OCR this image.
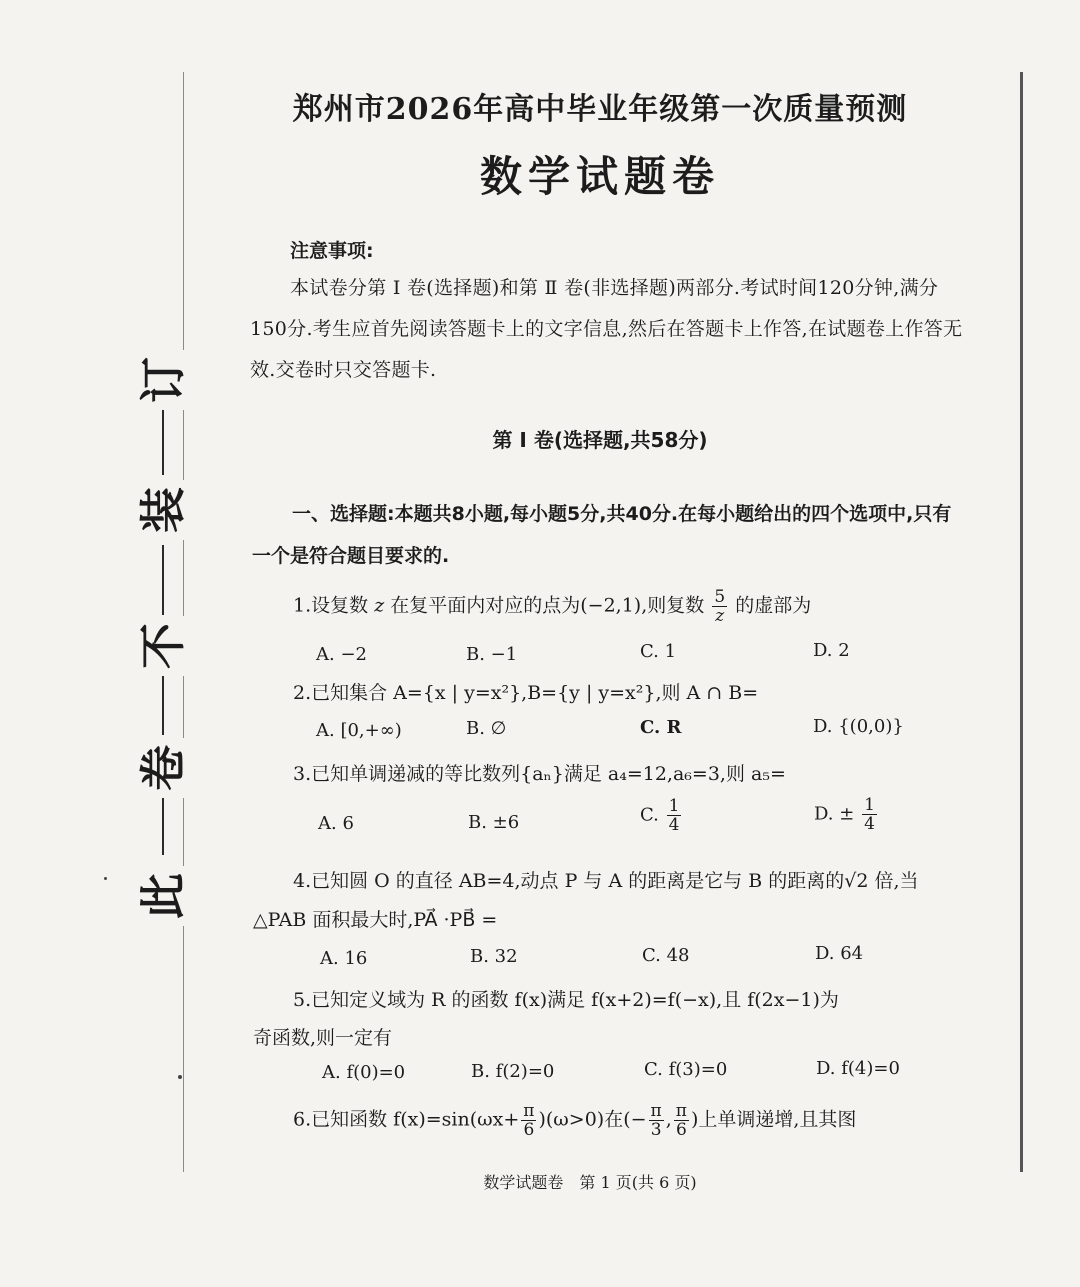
订
装
不
卷
此
郑州市2026年高中毕业年级第一次质量预测
数学试题卷
注意事项:
本试卷分第 Ⅰ 卷(选择题)和第 Ⅱ 卷(非选择题)两部分.考试时间120分钟,满分150分.考生应首先阅读答题卡上的文字信息,然后在答题卡上作答,在试题卷上作答无效.交卷时只交答题卡.
第 Ⅰ 卷(选择题,共58分)
一、选择题:本题共8小题,每小题5分,共40分.在每小题给出的四个选项中,只有一个是符合题目要求的.
1.设复数 z 在复平面内对应的点为(−2,1),则复数 $\frac{5}{z}$ 的虚部为
A. −2	B. −1	C. 1	D. 2
2.已知集合 A={x | y=x²},B={y | y=x²},则 A ∩ B=
A. [0,+∞)	B. ∅	C. R	D. {(0,0)}
3.已知单调递减的等比数列{aₙ}满足 a₄=12,a₆=3,则 a₅=
A. 6	B. ±6	C. $\frac{1}{4}$	D. ± $\frac{1}{4}$
4.已知圆 O 的直径 AB=4,动点 P 与 A 的距离是它与 B 的距离的√2 倍,当
△PAB 面积最大时,PA⃗ ·PB⃗ =
A. 16	B. 32	C. 48	D. 64
5.已知定义域为 R 的函数 f(x)满足 f(x+2)=f(−x),且 f(2x−1)为
奇函数,则一定有
A. f(0)=0	B. f(2)=0	C. f(3)=0	D. f(4)=0
6.已知函数 $f(x)=\sin(\omega x+ \frac{\pi}{6} )(\omega>0)$在(− $\frac{\pi}{3}$ , $\frac{\pi}{6}$ )上单调递增,且其图
数学试题卷　第 1 页(共 6 页)
